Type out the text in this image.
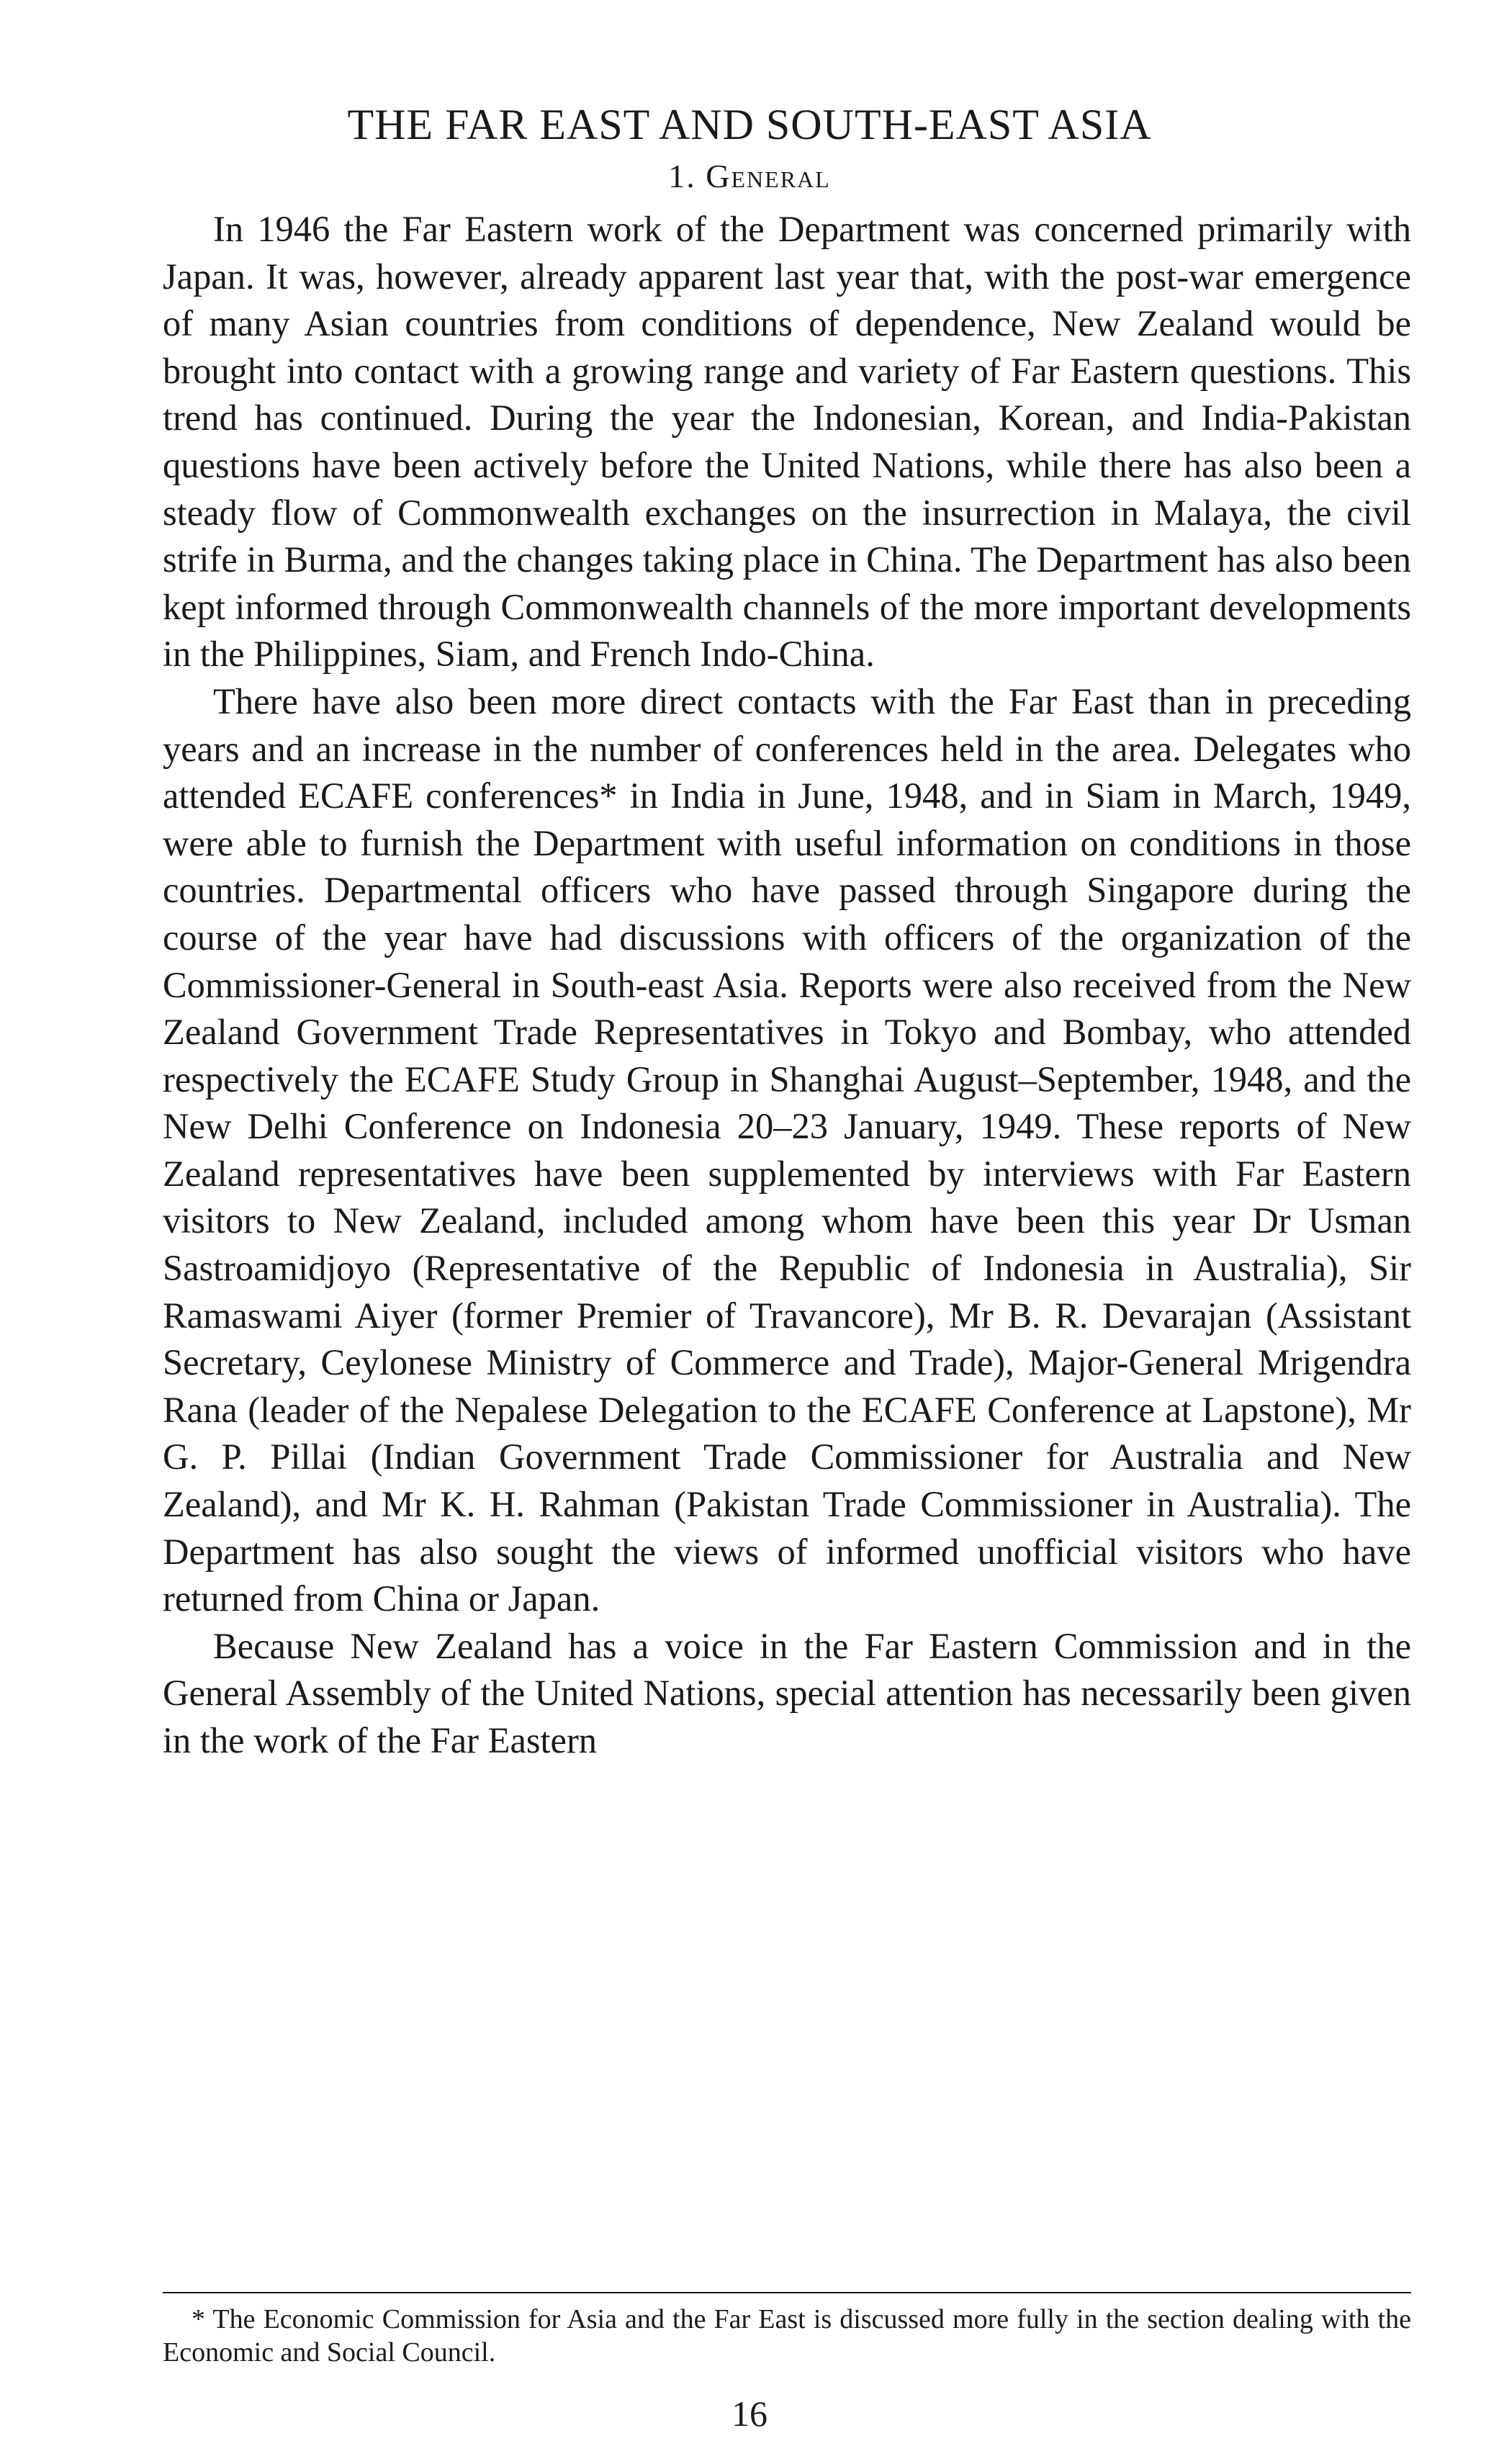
THE FAR EAST AND SOUTH-EAST ASIA
1. General

In 1946 the Far Eastern work of the Department was concerned primarily with Japan. It was, however, already apparent last year that, with the post-war emergence of many Asian countries from conditions of dependence, New Zealand would be brought into contact with a growing range and variety of Far Eastern questions. This trend has continued. During the year the Indonesian, Korean, and India-Pakistan questions have been actively before the United Nations, while there has also been a steady flow of Commonwealth exchanges on the insurrection in Malaya, the civil strife in Burma, and the changes taking place in China. The Department has also been kept informed through Commonwealth channels of the more important developments in the Philippines, Siam, and French Indo-China.

There have also been more direct contacts with the Far East than in preceding years and an increase in the number of conferences held in the area. Delegates who attended ECAFE conferences* in India in June, 1948, and in Siam in March, 1949, were able to furnish the Department with useful information on conditions in those countries. Departmental officers who have passed through Singapore during the course of the year have had discussions with officers of the organization of the Commissioner-General in South-east Asia. Reports were also received from the New Zealand Government Trade Representatives in Tokyo and Bombay, who attended respectively the ECAFE Study Group in Shanghai August–September, 1948, and the New Delhi Conference on Indonesia 20–23 January, 1949. These reports of New Zealand representatives have been supplemented by interviews with Far Eastern visitors to New Zealand, included among whom have been this year Dr Usman Sastroamidjoyo (Representative of the Republic of Indonesia in Australia), Sir Ramaswami Aiyer (former Premier of Travancore), Mr B. R. Devarajan (Assistant Secretary, Ceylonese Ministry of Commerce and Trade), Major-General Mrigendra Rana (leader of the Nepalese Delegation to the ECAFE Conference at Lapstone), Mr G. P. Pillai (Indian Government Trade Commissioner for Australia and New Zealand), and Mr K. H. Rahman (Pakistan Trade Commissioner in Australia). The Department has also sought the views of informed unofficial visitors who have returned from China or Japan.

Because New Zealand has a voice in the Far Eastern Commission and in the General Assembly of the United Nations, special attention has necessarily been given in the work of the Far Eastern

* The Economic Commission for Asia and the Far East is discussed more fully in the section dealing with the Economic and Social Council.

16
